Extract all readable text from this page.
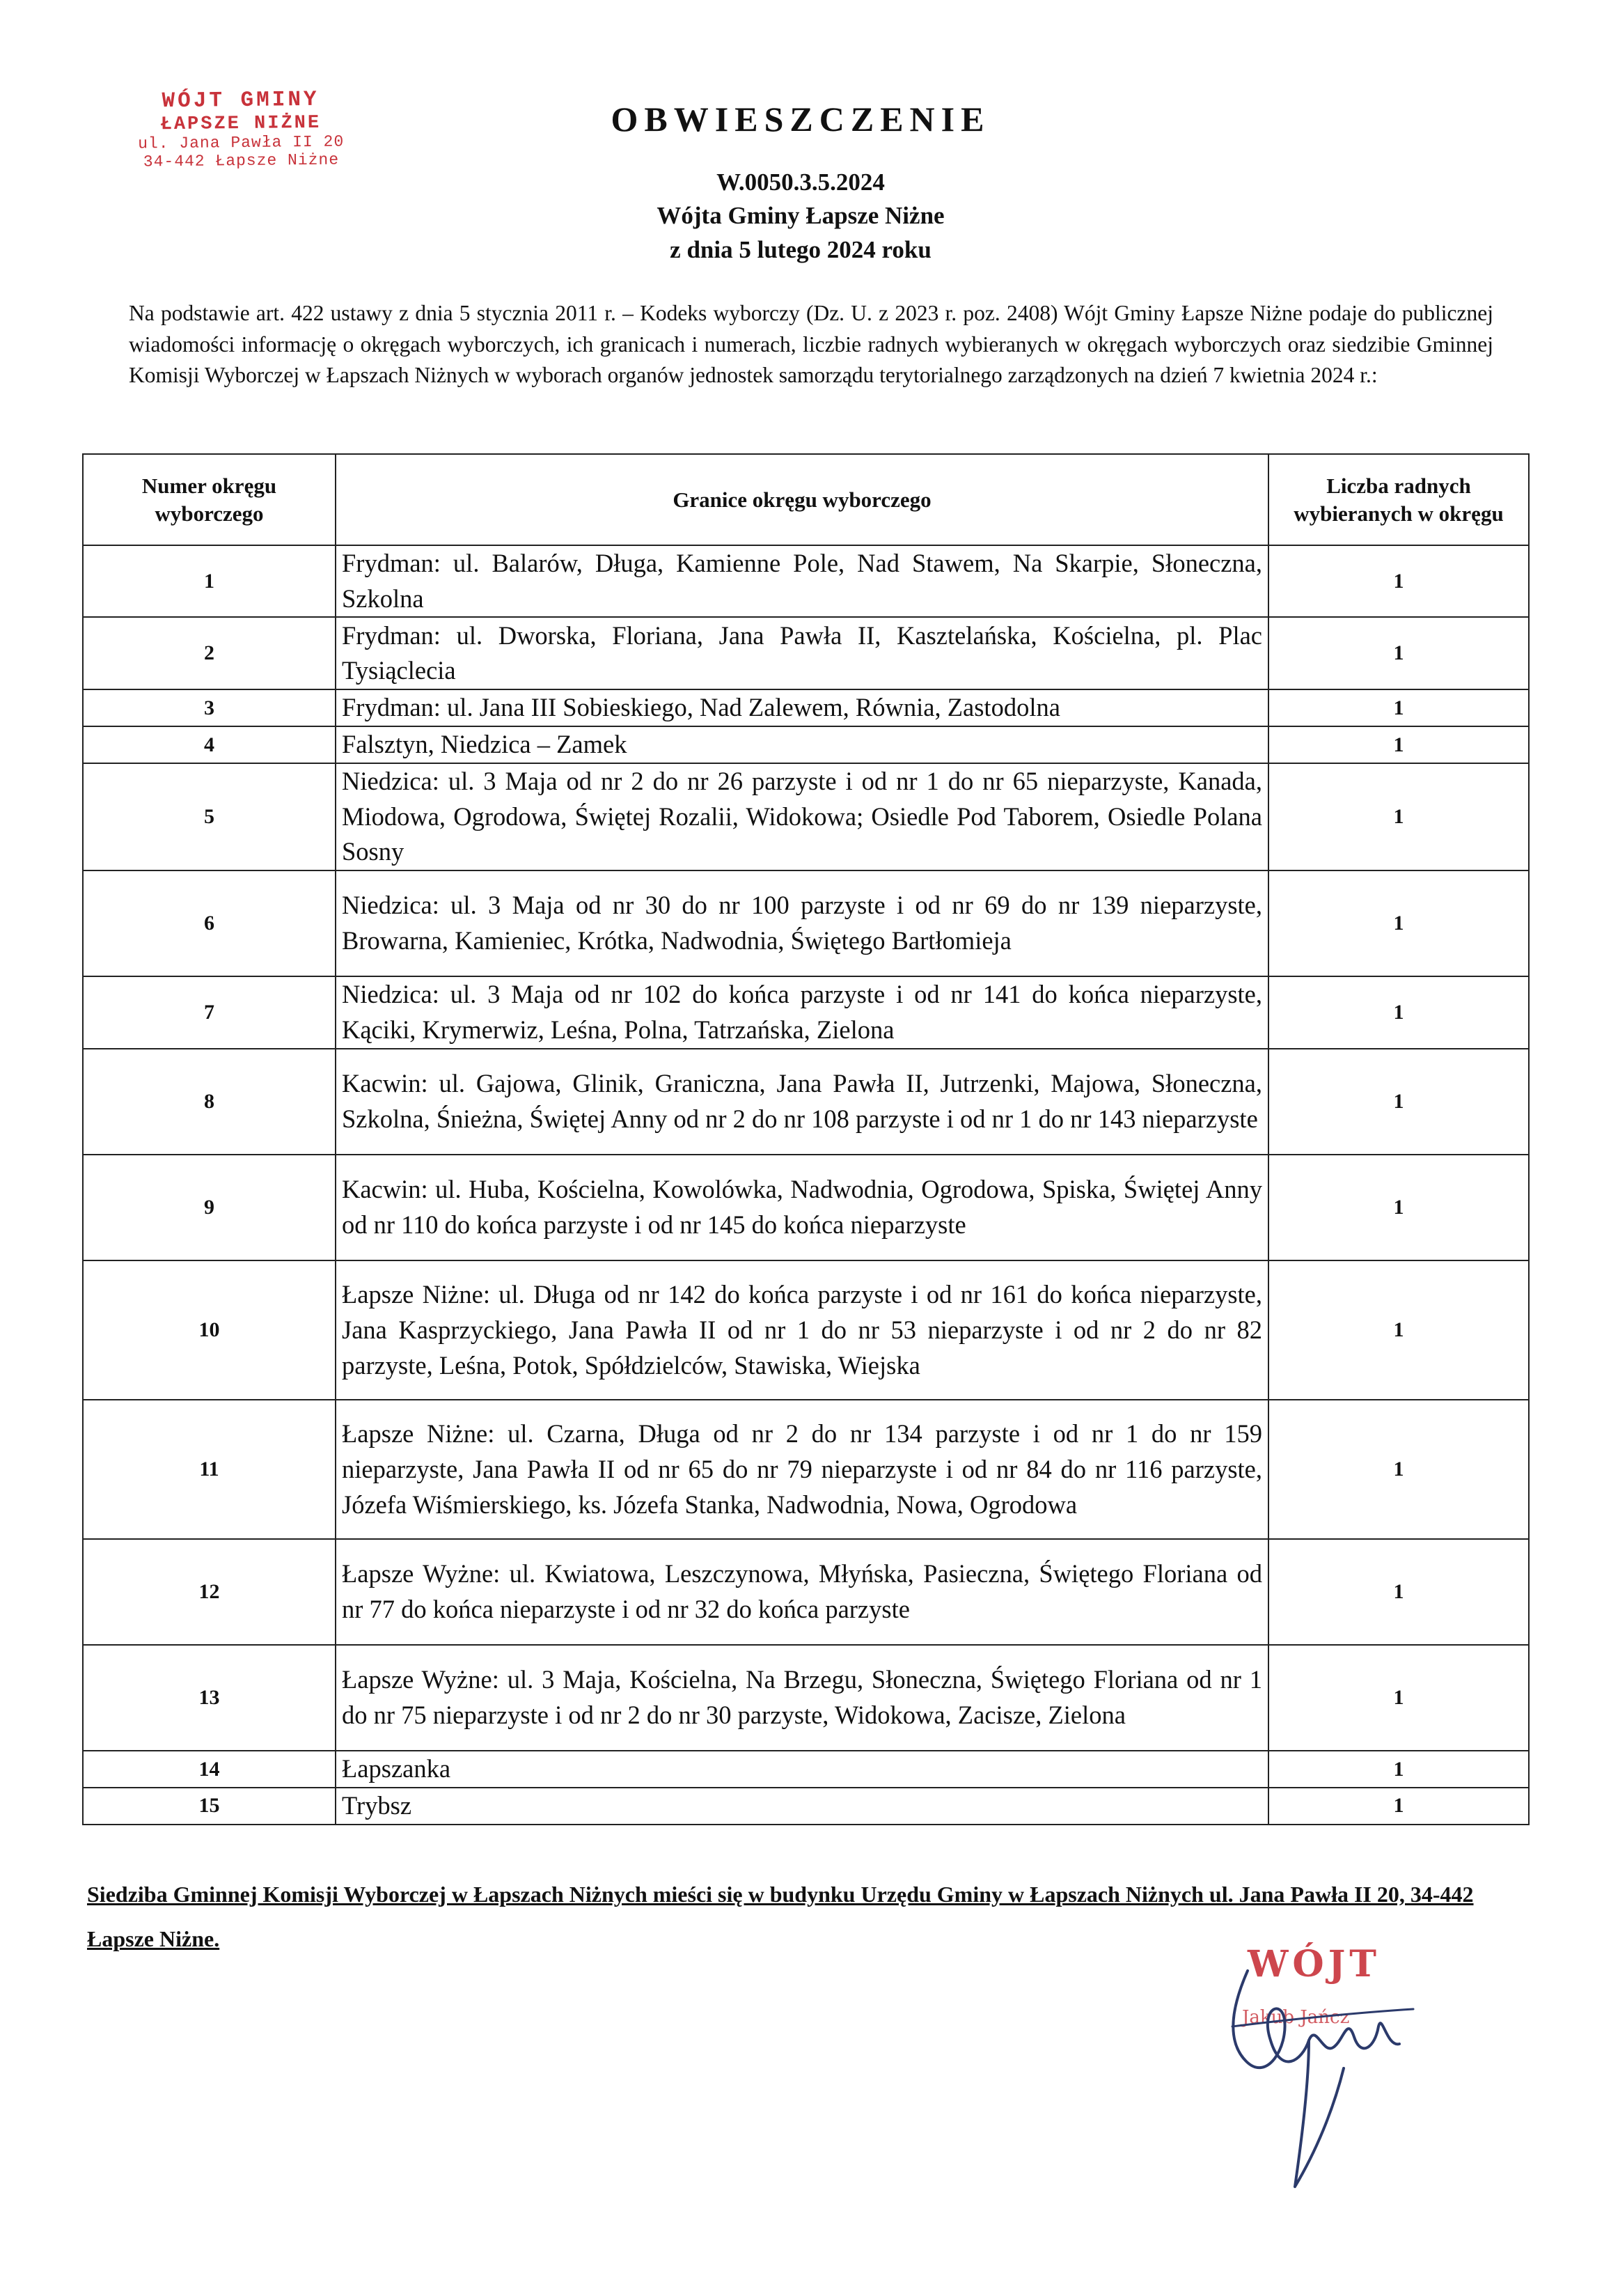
WÓJT GMINY
ŁAPSZE NIŻNE
ul. Jana Pawła II 20
34-442 Łapsze Niżne
OBWIESZCZENIE
W.0050.3.5.2024
Wójta Gminy Łapsze Niżne
z dnia 5 lutego 2024 roku
Na podstawie art. 422 ustawy z dnia 5 stycznia 2011 r. – Kodeks wyborczy (Dz. U. z 2023 r. poz. 2408) Wójt Gminy Łapsze Niżne podaje do publicznej wiadomości informację o okręgach wyborczych, ich granicach i numerach, liczbie radnych wybieranych w okręgach wyborczych oraz siedzibie Gminnej Komisji Wyborczej w Łapszach Niżnych w wyborach organów jednostek samorządu terytorialnego zarządzonych na dzień 7 kwietnia 2024 r.:
Numer okręgu wyborczego	Granice okręgu wyborczego	Liczba radnych wybieranych w okręgu
1	Frydman: ul. Balarów, Długa, Kamienne Pole, Nad Stawem, Na Skarpie, Słoneczna, Szkolna	1
2	Frydman: ul. Dworska, Floriana, Jana Pawła II, Kasztelańska, Kościelna, pl. Plac Tysiąclecia	1
3	Frydman: ul. Jana III Sobieskiego, Nad Zalewem, Równia, Zastodolna	1
4	Falsztyn, Niedzica – Zamek	1
5	Niedzica: ul. 3 Maja od nr 2 do nr 26 parzyste i od nr 1 do nr 65 nieparzyste, Kanada, Miodowa, Ogrodowa, Świętej Rozalii, Widokowa; Osiedle Pod Taborem, Osiedle Polana Sosny	1
6	Niedzica: ul. 3 Maja od nr 30 do nr 100 parzyste i od nr 69 do nr 139 nieparzyste, Browarna, Kamieniec, Krótka, Nadwodnia, Świętego Bartłomieja	1
7	Niedzica: ul. 3 Maja od nr 102 do końca parzyste i od nr 141 do końca nieparzyste, Kąciki, Krymerwiz, Leśna, Polna, Tatrzańska, Zielona	1
8	Kacwin: ul. Gajowa, Glinik, Graniczna, Jana Pawła II, Jutrzenki, Majowa, Słoneczna, Szkolna, Śnieżna, Świętej Anny od nr 2 do nr 108 parzyste i od nr 1 do nr 143 nieparzyste	1
9	Kacwin: ul. Huba, Kościelna, Kowolówka, Nadwodnia, Ogrodowa, Spiska, Świętej Anny od nr 110 do końca parzyste i od nr 145 do końca nieparzyste	1
10	Łapsze Niżne: ul. Długa od nr 142 do końca parzyste i od nr 161 do końca nieparzyste, Jana Kasprzyckiego, Jana Pawła II od nr 1 do nr 53 nieparzyste i od nr 2 do nr 82 parzyste, Leśna, Potok, Spółdzielców, Stawiska, Wiejska	1
11	Łapsze Niżne: ul. Czarna, Długa od nr 2 do nr 134 parzyste i od nr 1 do nr 159 nieparzyste, Jana Pawła II od nr 65 do nr 79 nieparzyste i od nr 84 do nr 116 parzyste, Józefa Wiśmierskiego, ks. Józefa Stanka, Nadwodnia, Nowa, Ogrodowa	1
12	Łapsze Wyżne: ul. Kwiatowa, Leszczynowa, Młyńska, Pasieczna, Świętego Floriana od nr 77 do końca nieparzyste i od nr 32 do końca parzyste	1
13	Łapsze Wyżne: ul. 3 Maja, Kościelna, Na Brzegu, Słoneczna, Świętego Floriana od nr 1 do nr 75 nieparzyste i od nr 2 do nr 30 parzyste, Widokowa, Zacisze, Zielona	1
14	Łapszanka	1
15	Trybsz	1
Siedziba Gminnej Komisji Wyborczej w Łapszach Niżnych mieści się w budynku Urzędu Gminy w Łapszach Niżnych ul. Jana Pawła II 20, 34-442 Łapsze Niżne.
WÓJT
Jakub Jańcz
